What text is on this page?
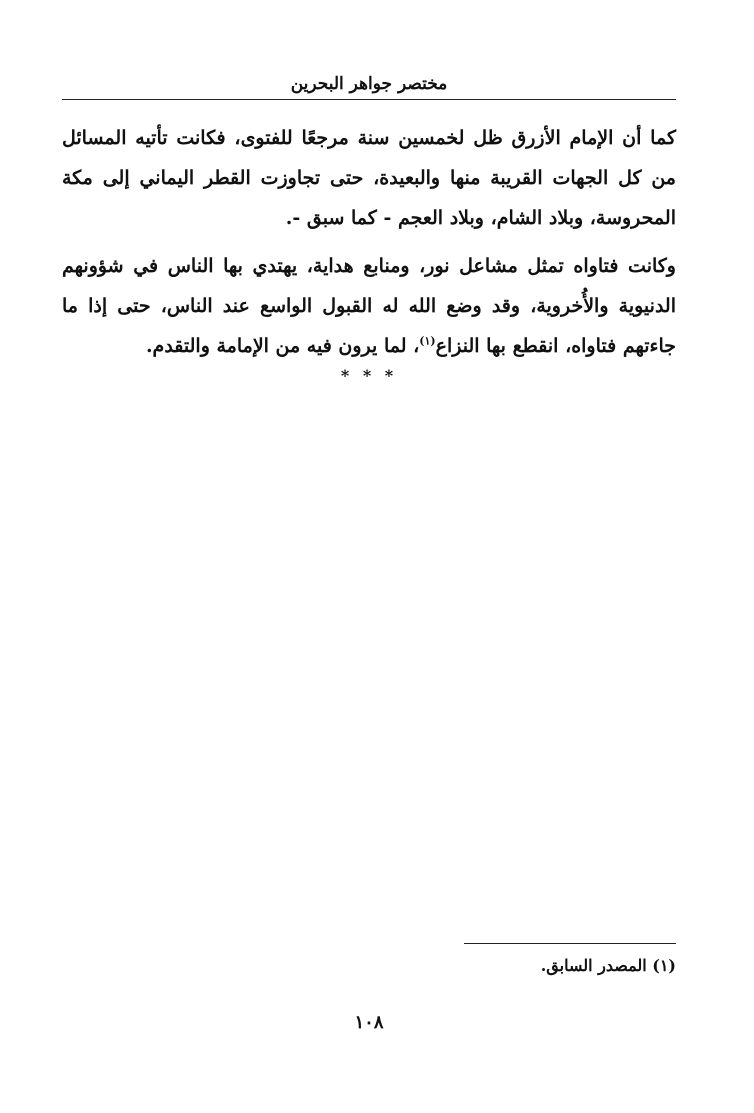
مختصر جواهر البحرين

كما أن الإمام الأزرق ظل لخمسين سنة مرجعًا للفتوى، فكانت تأتيه المسائل من كل الجهات القريبة منها والبعيدة، حتى تجاوزت القطر اليماني إلى مكة المحروسة، وبلاد الشام، وبلاد العجم - كما سبق -.

وكانت فتاواه تمثل مشاعل نور، ومنابع هداية، يهتدي بها الناس في شؤونهم الدنيوية والأُخروية، وقد وضع الله له القبول الواسع عند الناس، حتى إذا ما جاءتهم فتاواه، انقطع بها النزاع$^{(١)}$، لما يرون فيه من الإمامة والتقدم.

* * *
(١) المصدر السابق.
١٠٨
